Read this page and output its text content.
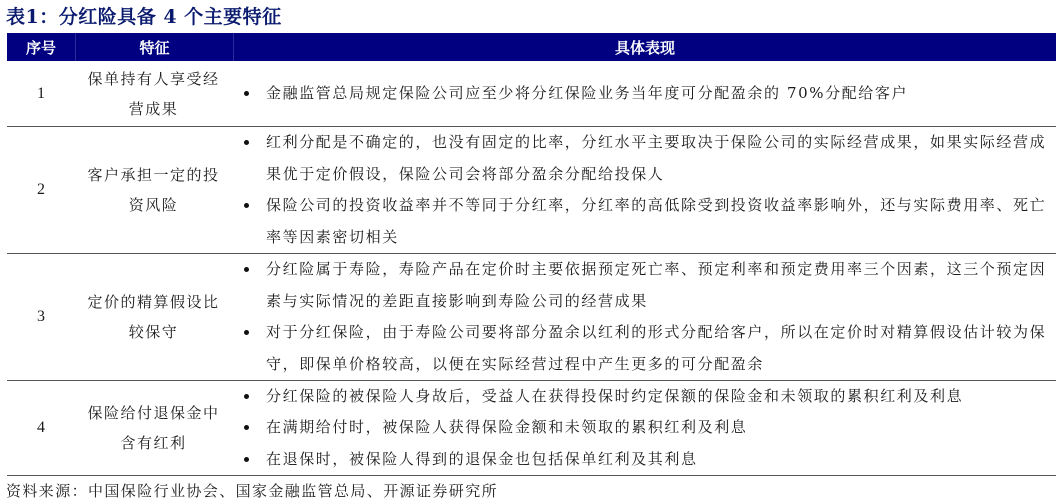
表1：分红险具备 4 个主要特征
序号	特征	具体表现
1
保单持有人享受经营成果
金融监管总局规定保险公司应至少将分红保险业务当年度可分配盈余的 70%分配给客户
2
客户承担一定的投资风险
红利分配是不确定的，也没有固定的比率，分红水平主要取决于保险公司的实际经营成果，如果实际经营成果优于定价假设，保险公司会将部分盈余分配给投保人
保险公司的投资收益率并不等同于分红率，分红率的高低除受到投资收益率影响外，还与实际费用率、死亡率等因素密切相关
3
定价的精算假设比较保守
分红险属于寿险，寿险产品在定价时主要依据预定死亡率、预定利率和预定费用率三个因素，这三个预定因素与实际情况的差距直接影响到寿险公司的经营成果
对于分红保险，由于寿险公司要将部分盈余以红利的形式分配给客户，所以在定价时对精算假设估计较为保守，即保单价格较高，以便在实际经营过程中产生更多的可分配盈余
4
保险给付退保金中含有红利
分红保险的被保险人身故后，受益人在获得投保时约定保额的保险金和未领取的累积红利及利息
在满期给付时，被保险人获得保险金额和未领取的累积红利及利息
在退保时，被保险人得到的退保金也包括保单红利及其利息
资料来源：中国保险行业协会、国家金融监管总局、开源证券研究所
